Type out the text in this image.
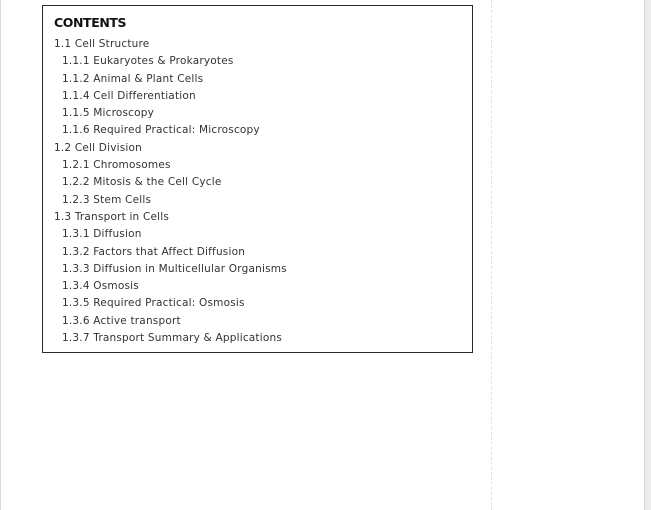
CONTENTS
1.1 Cell Structure
1.1.1 Eukaryotes & Prokaryotes
1.1.2 Animal & Plant Cells
1.1.4 Cell Differentiation
1.1.5 Microscopy
1.1.6 Required Practical: Microscopy
1.2 Cell Division
1.2.1 Chromosomes
1.2.2 Mitosis & the Cell Cycle
1.2.3 Stem Cells
1.3 Transport in Cells
1.3.1 Diffusion
1.3.2 Factors that Affect Diffusion
1.3.3 Diffusion in Multicellular Organisms
1.3.4 Osmosis
1.3.5 Required Practical: Osmosis
1.3.6 Active transport
1.3.7 Transport Summary & Applications
